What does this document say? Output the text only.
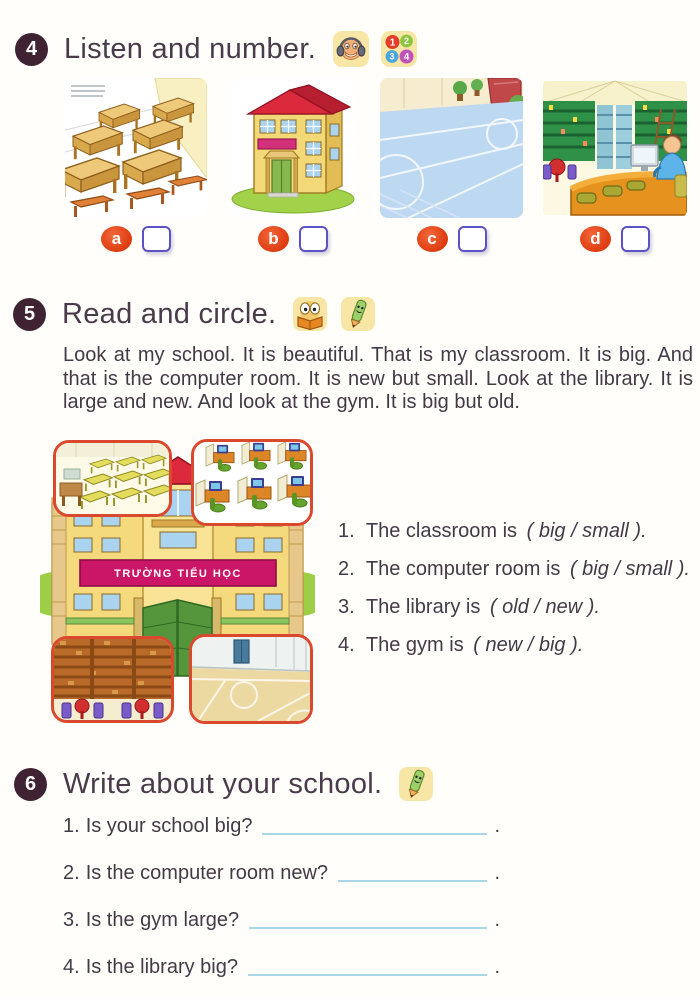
4 Listen and number.	1 2
3 4
a	b	c	d
5 Read and circle.

Look at my school. It is beautiful. That is my classroom. It is big. And that is the computer room. It is new but small. Look at the library. It is large and new. And look at the gym. It is big but old.

TRƯỜNG TIỂU HỌC
1. The classroom is ( big / small ).
2. The computer room is ( big / small ).
3. The library is ( old / new ).
4. The gym is ( new / big ).
6 Write about your school.
1. Is your school big?	.
2. Is the computer room new?	.
3. Is the gym large?	.
4. Is the library big?	.
